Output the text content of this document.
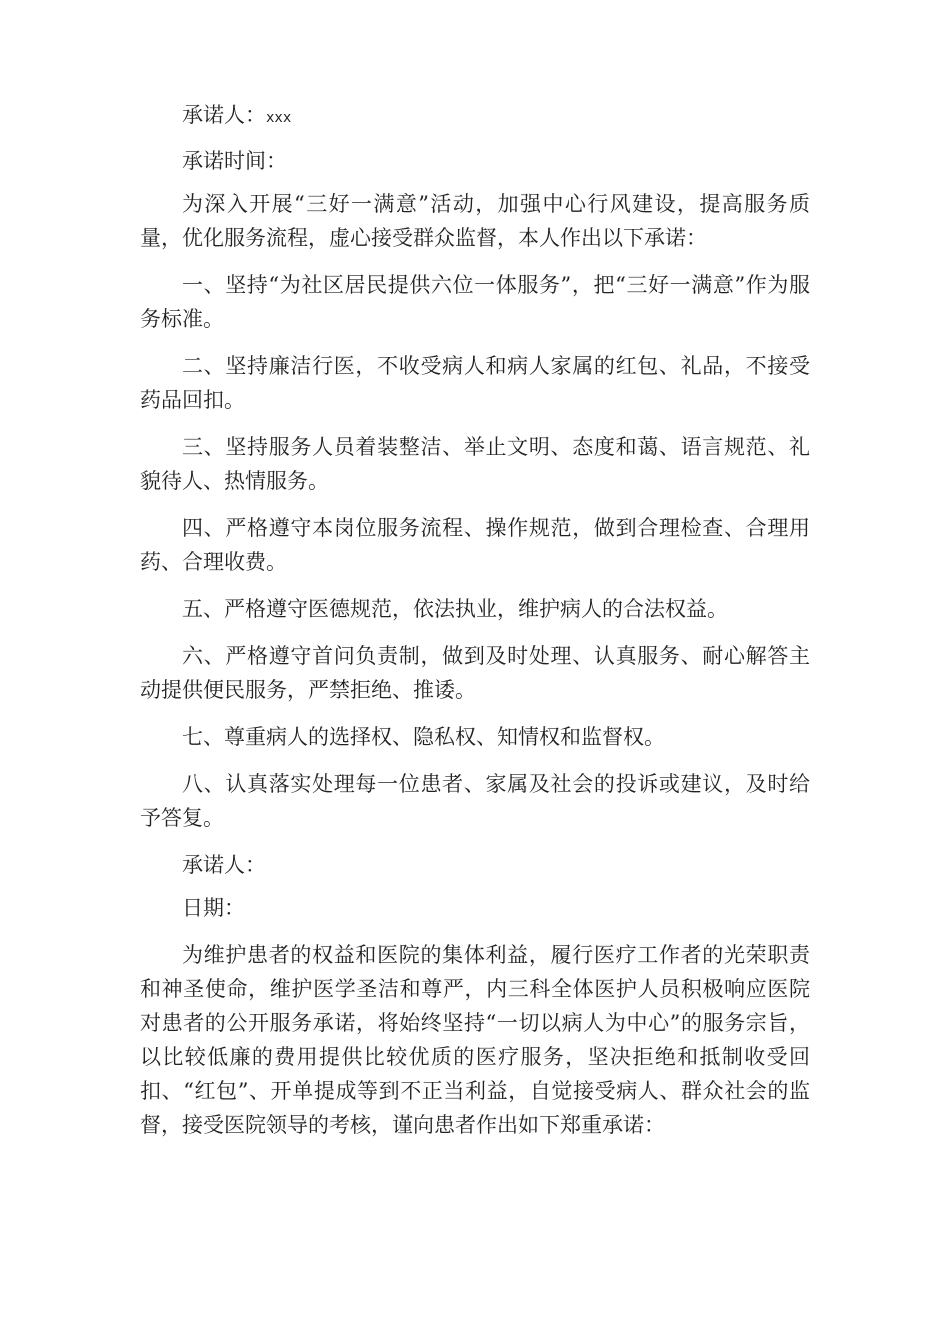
承诺人：xxx

承诺时间：

为深入开展“三好一满意”活动，加强中心行风建设，提高服务质量，优化服务流程，虚心接受群众监督，本人作出以下承诺：

一、坚持“为社区居民提供六位一体服务”，把“三好一满意”作为服务标准。

二、坚持廉洁行医，不收受病人和病人家属的红包、礼品，不接受药品回扣。

三、坚持服务人员着装整洁、举止文明、态度和蔼、语言规范、礼貌待人、热情服务。

四、严格遵守本岗位服务流程、操作规范，做到合理检查、合理用药、合理收费。

五、严格遵守医德规范，依法执业，维护病人的合法权益。

六、严格遵守首问负责制，做到及时处理、认真服务、耐心解答主动提供便民服务，严禁拒绝、推诿。

七、尊重病人的选择权、隐私权、知情权和监督权。

八、认真落实处理每一位患者、家属及社会的投诉或建议，及时给予答复。

承诺人：

日期：

为维护患者的权益和医院的集体利益，履行医疗工作者的光荣职责和神圣使命，维护医学圣洁和尊严，内三科全体医护人员积极响应医院对患者的公开服务承诺，将始终坚持“一切以病人为中心”的服务宗旨，以比较低廉的费用提供比较优质的医疗服务，坚决拒绝和抵制收受回扣、“红包”、开单提成等到不正当利益，自觉接受病人、群众社会的监督，接受医院领导的考核，谨向患者作出如下郑重承诺：
